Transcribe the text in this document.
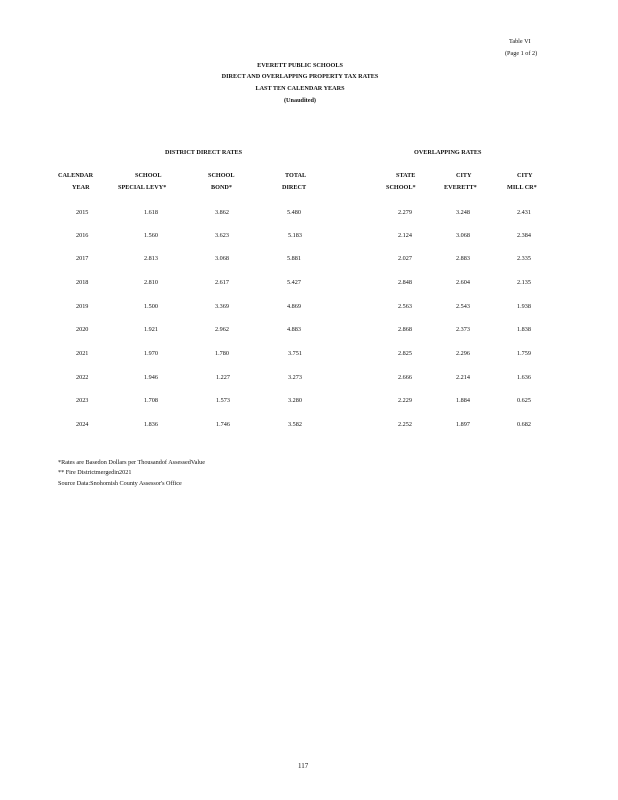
Table VI
(Page 1 of 2)
EVERETT PUBLIC SCHOOLS
DIRECT AND OVERLAPPING PROPERTY TAX RATES
LAST TEN CALENDAR YEARS
(Unaudited)
DISTRICT DIRECT RATES	OVERLAPPING RATES
CALENDAR	SCHOOL	SCHOOL	TOTAL	STATE	CITY	CITY
YEAR	SPECIAL LEVY*	BOND*	DIRECT	SCHOOL*	EVERETT*	MILL CR*
2015	1.618	3.862	5.480	2.279	3.248	2.431
2016	1.560	3.623	5.183	2.124	3.068	2.384
2017	2.813	3.068	5.881	2.027	2.883	2.335
2018	2.810	2.617	5.427	2.848	2.604	2.135
2019	1.500	3.369	4.869	2.563	2.543	1.938
2020	1.921	2.962	4.883	2.868	2.373	1.838
2021	1.970	1.780	3.751	2.825	2.296	1.759
2022	1.946	1.227	3.273	2.666	2.214	1.636
2023	1.708	1.573	3.280	2.229	1.884	0.625
2024	1.836	1.746	3.582	2.252	1.897	0.682
*Rates are Basedon Dollars per Thousandof AssessedValue
** Fire Districtmergedin2021
Source Data:Snohomish County Assessor's Office
117
